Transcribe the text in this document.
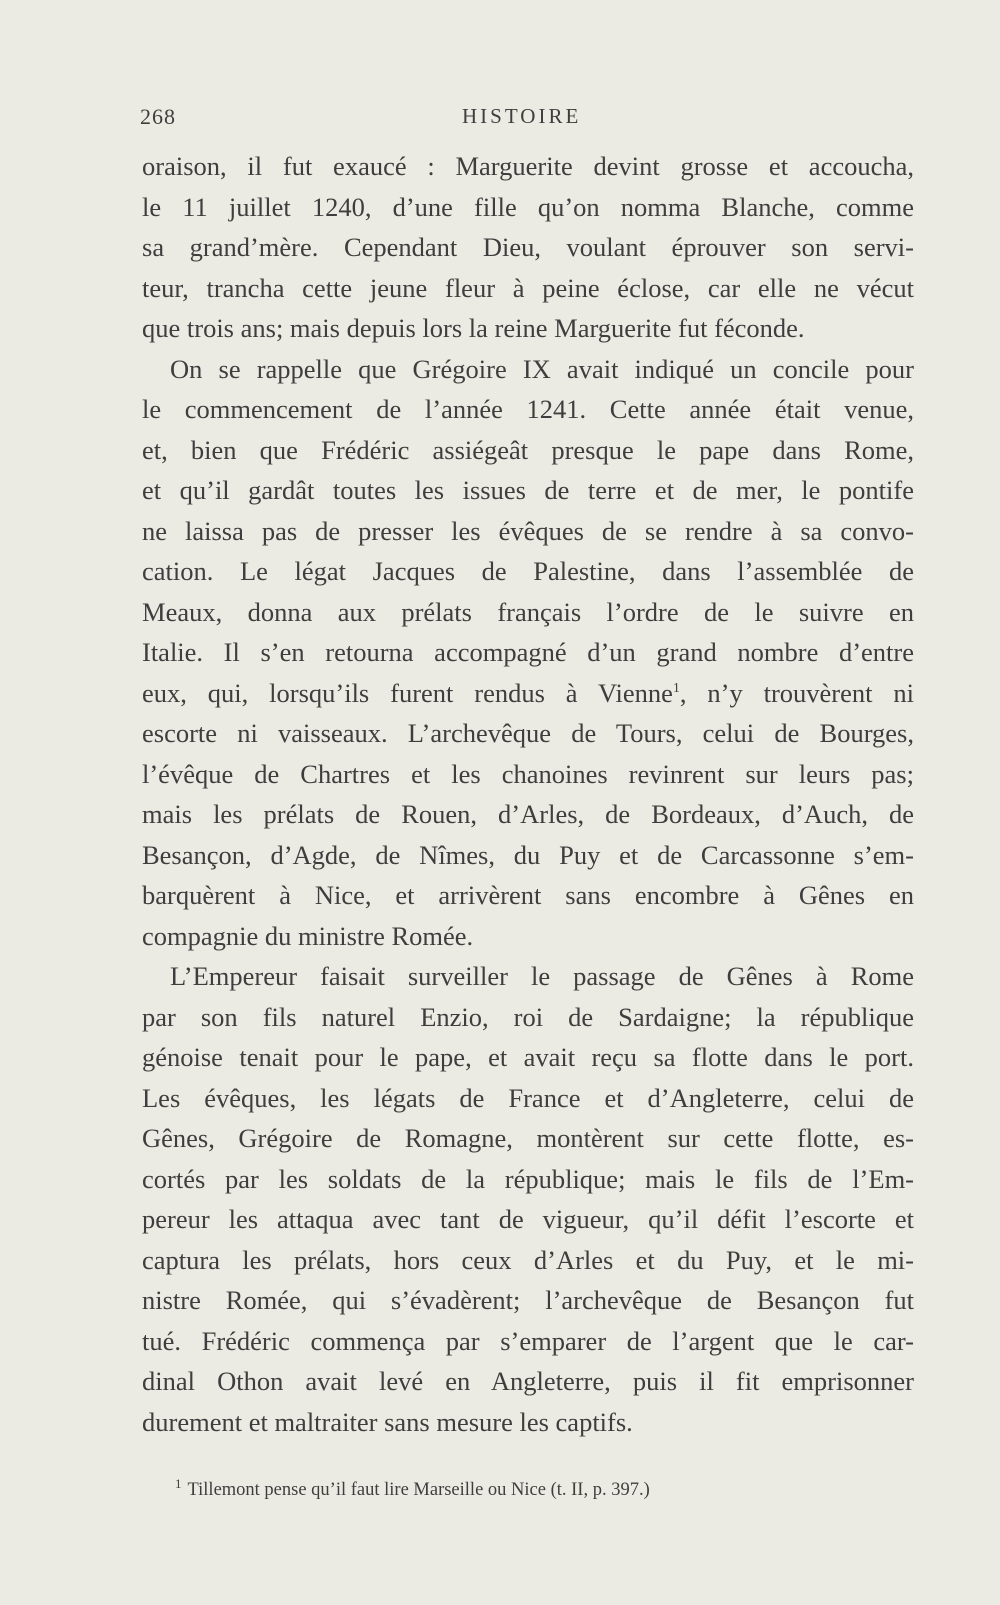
268	HISTOIRE
oraison, il fut exaucé : Marguerite devint grosse et accoucha,
le 11 juillet 1240, d’une fille qu’on nomma Blanche, comme
sa grand’mère. Cependant Dieu, voulant éprouver son servi-
teur, trancha cette jeune fleur à peine éclose, car elle ne vécut
que trois ans; mais depuis lors la reine Marguerite fut féconde.
On se rappelle que Grégoire IX avait indiqué un concile pour
le commencement de l’année 1241. Cette année était venue,
et, bien que Frédéric assiégeât presque le pape dans Rome,
et qu’il gardât toutes les issues de terre et de mer, le pontife
ne laissa pas de presser les évêques de se rendre à sa convo-
cation. Le légat Jacques de Palestine, dans l’assemblée de
Meaux, donna aux prélats français l’ordre de le suivre en
Italie. Il s’en retourna accompagné d’un grand nombre d’entre
eux, qui, lorsqu’ils furent rendus à Vienne$^1$, n’y trouvèrent ni
escorte ni vaisseaux. L’archevêque de Tours, celui de Bourges,
l’évêque de Chartres et les chanoines revinrent sur leurs pas;
mais les prélats de Rouen, d’Arles, de Bordeaux, d’Auch, de
Besançon, d’Agde, de Nîmes, du Puy et de Carcassonne s’em-
barquèrent à Nice, et arrivèrent sans encombre à Gênes en
compagnie du ministre Romée.
L’Empereur faisait surveiller le passage de Gênes à Rome
par son fils naturel Enzio, roi de Sardaigne; la république
génoise tenait pour le pape, et avait reçu sa flotte dans le port.
Les évêques, les légats de France et d’Angleterre, celui de
Gênes, Grégoire de Romagne, montèrent sur cette flotte, es-
cortés par les soldats de la république; mais le fils de l’Em-
pereur les attaqua avec tant de vigueur, qu’il défit l’escorte et
captura les prélats, hors ceux d’Arles et du Puy, et le mi-
nistre Romée, qui s’évadèrent; l’archevêque de Besançon fut
tué. Frédéric commença par s’emparer de l’argent que le car-
dinal Othon avait levé en Angleterre, puis il fit emprisonner
durement et maltraiter sans mesure les captifs.
$^1$ Tillemont pense qu’il faut lire Marseille ou Nice (t. II, p. 397.)
